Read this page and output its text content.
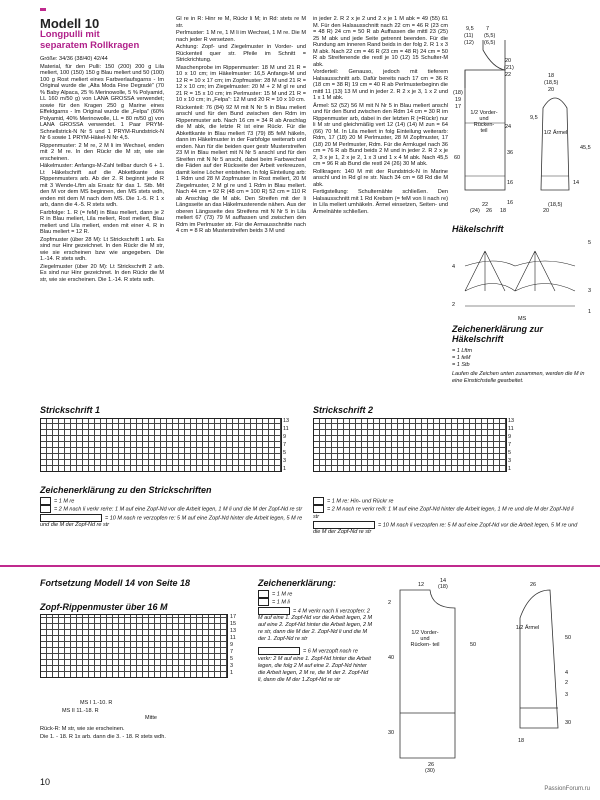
Modell 10
Longpulli mit
separatem Rollkragen

Größe: 34/36 (38/40) 42/44

Material, für den Pulli: 150 (200) 200 g Lila meliert, 100 (150) 150 g Blau meliert und 50 (100) 100 g Rost meliert eines Farbverlaufsgarns - Im Original wurde die „Alta Moda Fine Degradé“ (70 % Baby Alpaca, 25 % Merinowolle, 5 % Polyamid, LL 160 m/50 g) von LANA GROSSA verwendet; sowie für den Kragen 250 g Marine eines Effektgarns - Im Original wurde die „Felpa“ (60% Polyamid, 40% Merinowolle, LL = 80 m/50 g) von LANA GROSSA verwendet. 1 Paar PRYM-Schnellstrick-N Nr 5 und 1 PRYM-Rundstrick-N Nr 6 sowie 1 PRYM-Häkel-N Nr 4,5.

Rippenmuster: 2 M re, 2 M li im Wechsel, enden mit 2 M re. In den Rückr die M str, wie sie erscheinen.

Häkelmuster: Anfangs-M-Zahl teilbar durch 6 + 1. Lt Häkelschrift auf die Abkettkante des Rippenmusters arb. Ab der 2. R beginnt jede R mit 3 Wende-Lftm als Ersatz für das 1. Stb. Mit den M vor dem MS beginnen, den MS stets wdh, enden mit dem M nach dem MS. Die 1.-5. R 1 x arb, dann die 4.-5. R stets wdh.

Farbfolge: 1. R (= feM) in Blau meliert, dann je 2 R in Blau meliert, Lila meliert, Rost meliert, Blau meliert und Lila meliert, enden mit einer 4. R in Blau meliert = 12 R.

Zopfmuster (über 28 M): Lt Strickschrift 1 arb. Es sind nur Hinr gezeichnet. In den Rückr die M str, wie sie erscheinen bzw wie angegeben. Die 1.-14. R stets wdh.

Ziegelmuster (über 20 M): Lt Strickschrift 2 arb. Es sind nur Hinr gezeichnet. In den Rückr die M str, wie sie erscheinen. Die 1.-14. R stets wdh.

Gl re in R: Hinr re M, Rückr li M; in Rd: stets re M str.

Perlmuster: 1 M re, 1 M li im Wechsel, 1 M re. Die M nach jeder R versetzen.

Achtung: Zopf- und Ziegelmuster in Vorder- und Rückenteil quer str. Pfeile im Schnitt = Strickrichtung.

Maschenprobe im Rippenmuster: 18 M und 21 R = 10 x 10 cm; im Häkelmuster: 16,5 Anfangs-M und 12 R = 10 x 17 cm; im Zopfmuster: 28 M und 21 R = 12 x 10 cm; im Ziegelmuster: 20 M + 2 M gl re und 21 R = 15 x 10 cm; im Perlmuster: 15 M und 21 R = 10 x 10 cm; in „Felpa“: 12 M und 20 R = 10 x 10 cm.

Rückenteil: 76 (84) 92 M mit N Nr 5 in Blau meliert anschl und für den Bund zwischen den Rdm im Rippenmuster arb. Nach 16 cm = 34 R ab Anschlag die M abk, die letzte R ist eine Rückr. Für die Abkettkante in Blau meliert 73 (79) 85 feM häkeln, dann im Häkelmuster in der Farbfolge weiterarb und enden. Nun für die beiden quer gestr Musterstreifen 23 M in Blau meliert mit N Nr 5 anschl und für den Streifen mit N Nr 5 anschl, dabei beim Farbwechsel die Fäden auf der Rückseite der Arbeit verkreuzen, damit keine Löcher entstehen. In folg Einteilung arb: 1 Rdm und 28 M Zopfmuster in Rost meliert, 20 M Ziegelmuster, 2 M gl re und 1 Rdm in Blau meliert. Nach 44 cm = 92 R (48 cm = 100 R) 52 cm = 110 R ab Anschlag die M abk. Den Streifen mit der li Längsseite an das Häkelmusterende nähen. Aus der oberen Längsseite des Streifens mit N Nr 5 in Lila meliert 67 (73) 79 M auffassen und zwischen den Rdm im Perlmuster str. Für die Armausschnitte nach 4 cm = 8 R ab Musterstreifen beids 3 M und

in jeder 2. R 2 x je 2 und 2 x je 1 M abk = 49 (55) 61 M. Für den Halsausschnitt nach 22 cm = 46 R (23 cm = 48 R) 24 cm = 50 R ab Auffassen die mittl 23 (25) 25 M abk und jede Seite getrennt beenden. Für die Rundung am inneren Rand beids in der folg 2. R 1 x 3 M abk. Nach 22 cm = 46 R (23 cm = 48 R) 24 cm = 50 R ab Streifenende die restl je 10 (12) 15 Schulter-M abk.

Vorderteil: Genauso, jedoch mit tieferem Halsausschnitt arb. Dafür bereits nach 17 cm = 36 R (18 cm = 38 R) 19 cm = 40 R ab Perlmusterbeginn die mittl 11 (13) 13 M und in jeder 2. R 2 x je 3, 1 x 2 und 1 x 1 M abk.

Ärmel: 52 (52) 56 M mit N Nr 5 in Blau meliert anschl und für den Bund zwischen den Rdm 14 cm = 30 R im Rippenmuster arb, dabei in der letzten R (=Rückr) nur li M str und gleichmäßig vert 12 (14) (14) M zun = 64 (66) 70 M. In Lila meliert in folg Einteilung weiterarb: Rdm, 17 (18) 20 M Perlmuster, 28 M Zopfmuster, 17 (18) 20 M Perlmuster, Rdm. Für die Armkugel nach 36 cm = 76 R ab Bund beids 2 M und in jeder 2. R 2 x je 2, 3 x je 1, 2 x je 2, 1 x 3 und 1 x 4 M abk. Nach 45,5 cm = 96 R ab Bund die restl 24 (26) 30 M abk.

Rollkragen: 140 M mit der Rundstrick-N in Marine anschl und in Rd gl re str. Nach 34 cm = 68 Rd die M abk.

Fertigstellung: Schulternähte schließen. Den Halsausschnitt mit 1 Rd Krebsm (= feM von li nach re) in Lila meliert umhäkeln. Ärmel einsetzen, Seiten- und Ärmelnähte schließen.

1/2 Vorder- und Rücken- teil	1/2 Ärmel
9,5 7
(11) (5,5)
(12) (6,5)
20
(21)
22
(18)
19
17
9,5
24
36
60
45,5
16
16
14
18
(18,5)
20
22
(24) 26 18
(18,5)
20
Häkelschrift
5
4
3
2
1
MS
Zeichenerklärung zur Häkelschrift
= 1 Lftm
= 1 feM
= 1 Stb
Laufen die Zeichen unten zusammen, werden die M in eine Einstichstelle gearbeitet.
Strickschrift 1
13
11
9
7
5
3
1
Strickschrift 2
13
11
9
7
5
3
1
Zeichenerklärung zu den Strickschriften
= 1 M re
= 2 M nach li verkr re/re: 1 M auf eine Zopf-Nd vor die Arbeit legen, 1 M li und die M der Zopf-Nd re str
= 10 M nach re verzopfen re: 5 M auf eine Zopf-Nd hinter die Arbeit legen, 5 M re und die M der Zopf-Nd re str
= 1 M re: Hin- und Rückr re
= 2 M nach re verkr re/li: 1 M auf eine Zopf-Nd hinter die Arbeit legen, 1 M re und die M der Zopf-Nd li str
= 10 M nach li verzopfen re: 5 M auf eine Zopf-Nd vor die Arbeit legen, 5 M re und die M der Zopf-Nd re str
Fortsetzung Modell 14 von Seite 18
Zopf-Rippenmuster über 16 M
17
15
13
11
9
7
5
3
1
MS I 1.-10. R
MS II 11.-18. R
Mitte

Rück-R: M str, wie sie erscheinen.

Die 1. - 18. R 1x arb. dann die 3. - 18. R stets wdh.

Zeichenerklärung:
= 1 M re
= 1 M li
= 4 M verkr nach li verzopfen: 2 M auf eine 1. Zopf-Nd vor die Arbeit legen, 2 M auf eine 2. Zopf-Nd hinter die Arbeit legen, 2 M re str, dann die M der 2. Zopf-Nd li und die M der 1. Zopf-Nd re str
= 6 M verzopft nach re verkr: 2 M auf eine 1. Zopf-Nd hinter die Arbeit legen, die folg 2 M auf eine 2. Zopf-Nd hinter die Arbeit legen, 2 M re, die M der 2. Zopf-Nd li, dann die M der 1.Zopf-Nd re str
1/2 Vorder- und Rücken- teil
1/2 Ärmel
12
14
(18)	26
2
40
50
50
4
2
3
30
18
26
(30)
30
10
PassionForum.ru
